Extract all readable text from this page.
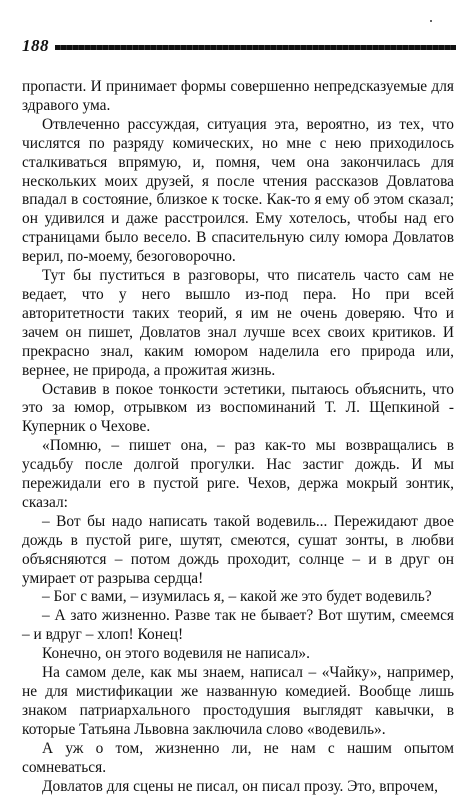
188

пропасти. И принимает формы совершенно непредсказуемые для здравого ума.

Отвлеченно рассуждая, ситуация эта, вероятно, из тех, что числятся по разряду комических, но мне с нею приходилось сталкиваться впрямую, и, помня, чем она закончилась для нескольких моих друзей, я после чтения рассказов Довлатова впадал в состояние, близкое к тоске. Как-то я ему об этом сказал; он удивился и даже расстроился. Ему хотелось, чтобы над его страницами было весело. В спасительную силу юмора Довлатов верил, по-моему, безоговорочно.

Тут бы пуститься в разговоры, что писатель часто сам не ведает, что у него вышло из-под пера. Но при всей авторитетности таких теорий, я им не очень доверяю. Что и зачем он пишет, Довлатов знал лучше всех своих критиков. И прекрасно знал, каким юмором наделила его природа или, вернее, не природа, а прожитая жизнь.

Оставив в покое тонкости эстетики, пытаюсь объяснить, что это за юмор, отрывком из воспоминаний Т. Л. Щепкиной - Куперник о Чехове.

«Помню, – пишет она, – раз как-то мы возвращались в усадьбу после долгой прогулки. Нас застиг дождь. И мы пережидали его в пустой риге. Чехов, держа мокрый зонтик, сказал:

– Вот бы надо написать такой водевиль... Пережидают двое дождь в пустой риге, шутят, смеются, сушат зонты, в любви объясняются – потом дождь проходит, солнце – и в друг он умирает от разрыва сердца!

– Бог с вами, – изумилась я, – какой же это будет водевиль?

– А зато жизненно. Разве так не бывает? Вот шутим, смеемся – и вдруг – хлоп! Конец!

Конечно, он этого водевиля не написал».

На самом деле, как мы знаем, написал – «Чайку», например, не для мистификации же названную комедией. Вообще лишь знаком патриархального простодушия выглядят кавычки, в которые Татьяна Львовна заключила слово «водевиль».

А уж о том, жизненно ли, не нам с нашим опытом сомневаться.

Довлатов для сцены не писал, он писал прозу. Это, впрочем,
